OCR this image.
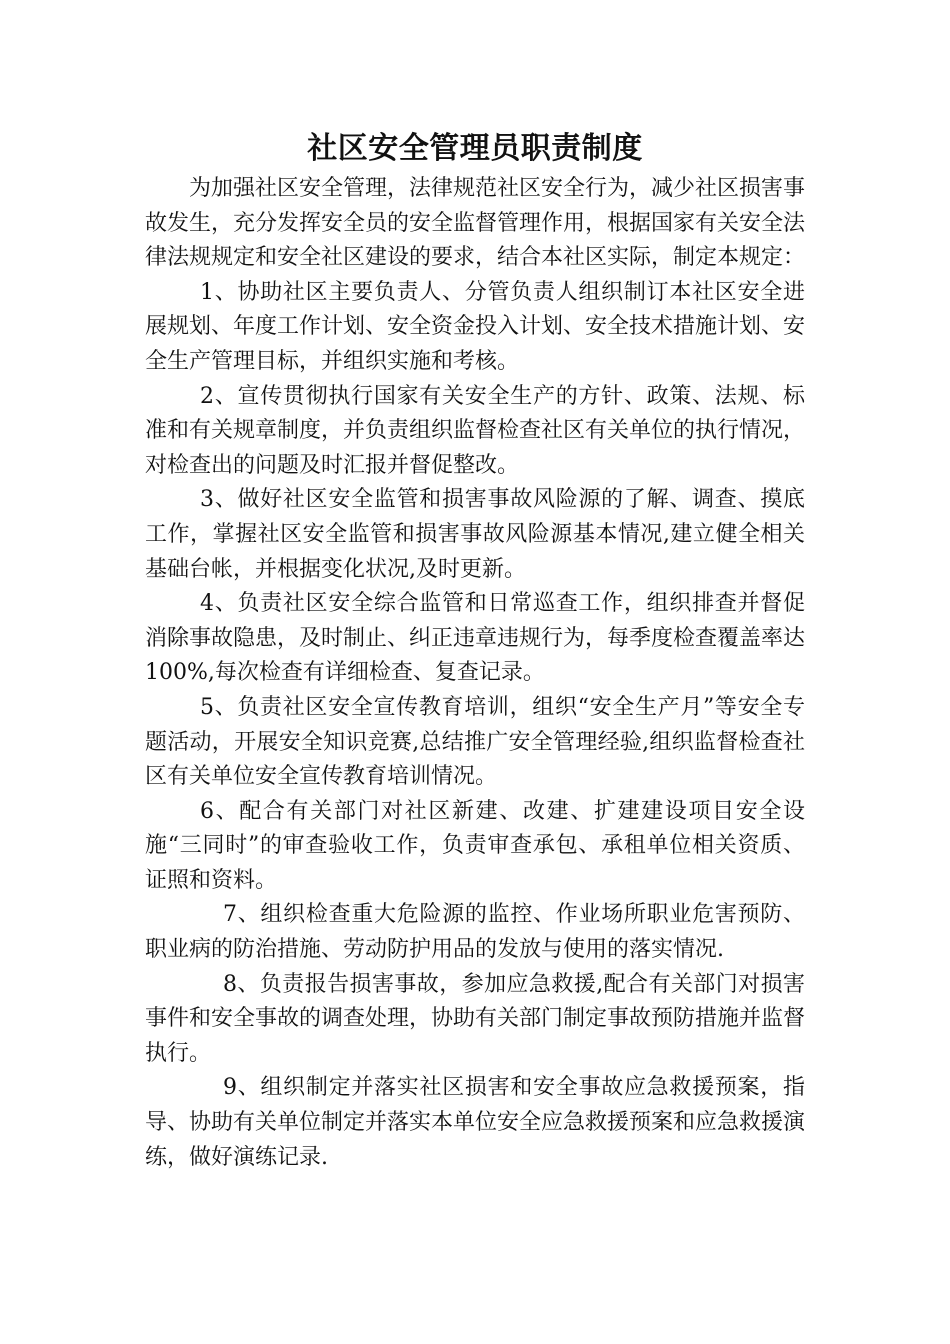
社区安全管理员职责制度

为加强社区安全管理，法律规范社区安全行为，减少社区损害事故发生，充分发挥安全员的安全监督管理作用，根据国家有关安全法律法规规定和安全社区建设的要求，结合本社区实际，制定本规定：

1、协助社区主要负责人、分管负责人组织制订本社区安全进展规划、年度工作计划、安全资金投入计划、安全技术措施计划、安全生产管理目标，并组织实施和考核。

2、宣传贯彻执行国家有关安全生产的方针、政策、法规、标准和有关规章制度，并负责组织监督检查社区有关单位的执行情况，对检查出的问题及时汇报并督促整改。

3、做好社区安全监管和损害事故风险源的了解、调查、摸底工作，掌握社区安全监管和损害事故风险源基本情况,建立健全相关基础台帐，并根据变化状况,及时更新。

4、负责社区安全综合监管和日常巡查工作，组织排查并督促消除事故隐患，及时制止、纠正违章违规行为，每季度检查覆盖率达100%,每次检查有详细检查、复查记录。

5、负责社区安全宣传教育培训，组织“安全生产月”等安全专题活动，开展安全知识竞赛,总结推广安全管理经验,组织监督检查社区有关单位安全宣传教育培训情况。

6、配合有关部门对社区新建、改建、扩建建设项目安全设施“三同时”的审查验收工作，负责审查承包、承租单位相关资质、证照和资料。

7、组织检查重大危险源的监控、作业场所职业危害预防、职业病的防治措施、劳动防护用品的发放与使用的落实情况.

8、负责报告损害事故，参加应急救援,配合有关部门对损害事件和安全事故的调查处理，协助有关部门制定事故预防措施并监督执行。

9、组织制定并落实社区损害和安全事故应急救援预案，指导、协助有关单位制定并落实本单位安全应急救援预案和应急救援演练，做好演练记录.
